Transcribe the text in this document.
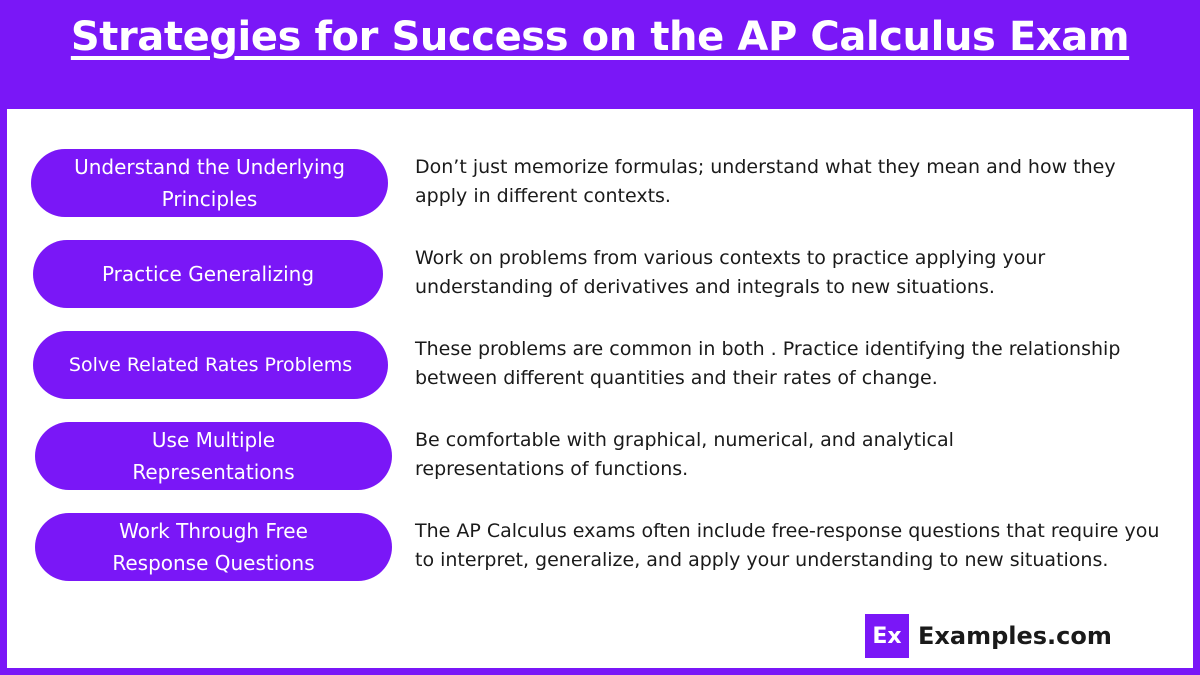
Strategies for Success on the AP Calculus Exam
Understand the Underlying Principles
Don’t just memorize formulas; understand what they mean and how they apply in different contexts.
Practice Generalizing
Work on problems from various contexts to practice applying your understanding of derivatives and integrals to new situations.
Solve Related Rates Problems
These problems are common in both . Practice identifying the relationship between different quantities and their rates of change.
Use Multiple Representations
Be comfortable with graphical, numerical, and analytical representations of functions.
Work Through Free Response Questions
The AP Calculus exams often include free-response questions that require you to interpret, generalize, and apply your understanding to new situations.
Ex Examples.com
